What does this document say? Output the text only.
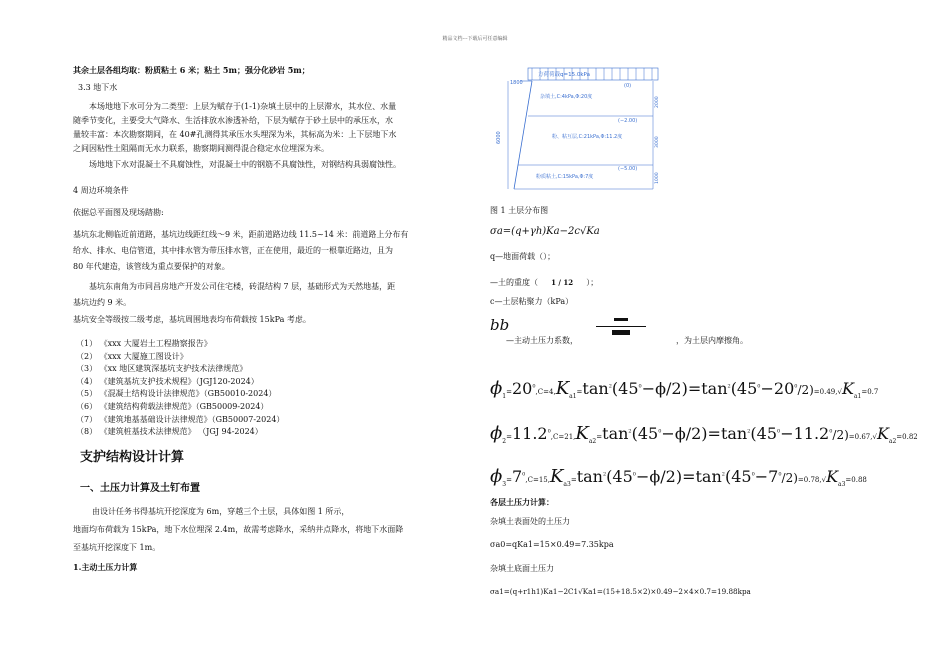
精品文档---下载后可任意编辑
其余土层各组均取：粉质粘土 6 米；粘土 5m；强分化砂岩 5m；
3.3 地下水
本场地地下水可分为二类型：上层为赋存于(1-1)杂填土层中的上层滞水，其水位、水量
随季节变化，主要受大气降水、生活排放水渗透补给，下层为赋存于砂土层中的承压水，水
量较丰富：本次勘察期间，在 40#孔测得其承压水头埋深为米，其标高为米：上下层地下水
之间因粘性土阻隔而无水力联系，勘察期间测得混合稳定水位埋深为米。
场地地下水对混凝土不具腐蚀性，对混凝土中的钢筋不具腐蚀性，对钢结构具弱腐蚀性。
4 周边环境条件
依据总平面图及现场踏勘:
基坑东北侧临近前道路，基坑边线距红线～9 米，距前道路边线 11.5~14 米：前道路上分布有
给水、排水、电信管道，其中排水管为带压排水管，正在使用，最近的一根靠近路边，且为
80 年代建造，该管线为重点要保护的对象。
基坑东南角为市同昌房地产开发公司住宅楼，砖混结构 7 层，基础形式为天然地基，距
基坑边约 9 米。
基坑安全等级按二级考虑，基坑周围地表均布荷载按 15kPa 考虑。
（1） 《xxx 大厦岩土工程勘察报告》
（2） 《xxx 大厦施工图设计》
（3） 《xx 地区建筑深基坑支护技术法律规范》
（4） 《建筑基坑支护技术规程》（JGJ120-2024）
（5） 《混凝土结构设计法律规范》（GB50010-2024）
（6） 《建筑结构荷载法律规范》（GB50009-2024）
（7） 《建筑地基基础设计法律规范》（GB50007-2024）
（8） 《建筑桩基技术法律规范》 （JGJ 94-2024）
支护结构设计计算
一、土压力计算及土钉布置
由设计任务书得基坑开挖深度为 6m，穿越三个土层，具体如图 1 所示，
地面均布荷载为 15kPa，地下水位埋深 2.4m，故需考虑降水，采纳井点降水，将地下水面降
至基坑开挖深度下 1m。
1.主动土压力计算
方荷荷载q=15.0kPa
1800
6000
(0)
(−2.00)
(−5.00)
杂填土,C:4kPa,Φ:20度
粉、粘互层,C:21kPa,Φ:11.2度
粉质粘土,C:15kPa,Φ:7度
2000
3000
1000
图 1 土层分布图
σa=(q+γh)Ka−2c√Ka
q—地面荷载（）；
—土的重度（ 1 / 12 ）；
c—土层粘聚力（kPa）
bb
—主动土压力系数，	，为土层内摩擦角。
$\phi_1=20^0,C=4,K_{a1}=\tan^2(45^0-\phi/2)=\tan^2(45^0-20^0/2)=0.49,√K_{a1}=0.7$
$\phi_2=11.2^0,C=21,K_{a2}=\tan^2(45^0-\phi/2)=\tan^2(45^0-11.2^0/2)=0.67,√K_{a2}=0.82$
$\phi_3=7^0,C=15,K_{a3}=\tan^2(45^0-\phi/2)=\tan^2(45^0-7^0/2)=0.78,√K_{a3}=0.88$
各层土压力计算：
杂填土表面处的土压力
σa0=qKa1=15×0.49=7.35kpa
杂填土底面土压力
σa1=(q+r1h1)Ka1−2C1√Ka1=(15+18.5×2)×0.49−2×4×0.7=19.88kpa
